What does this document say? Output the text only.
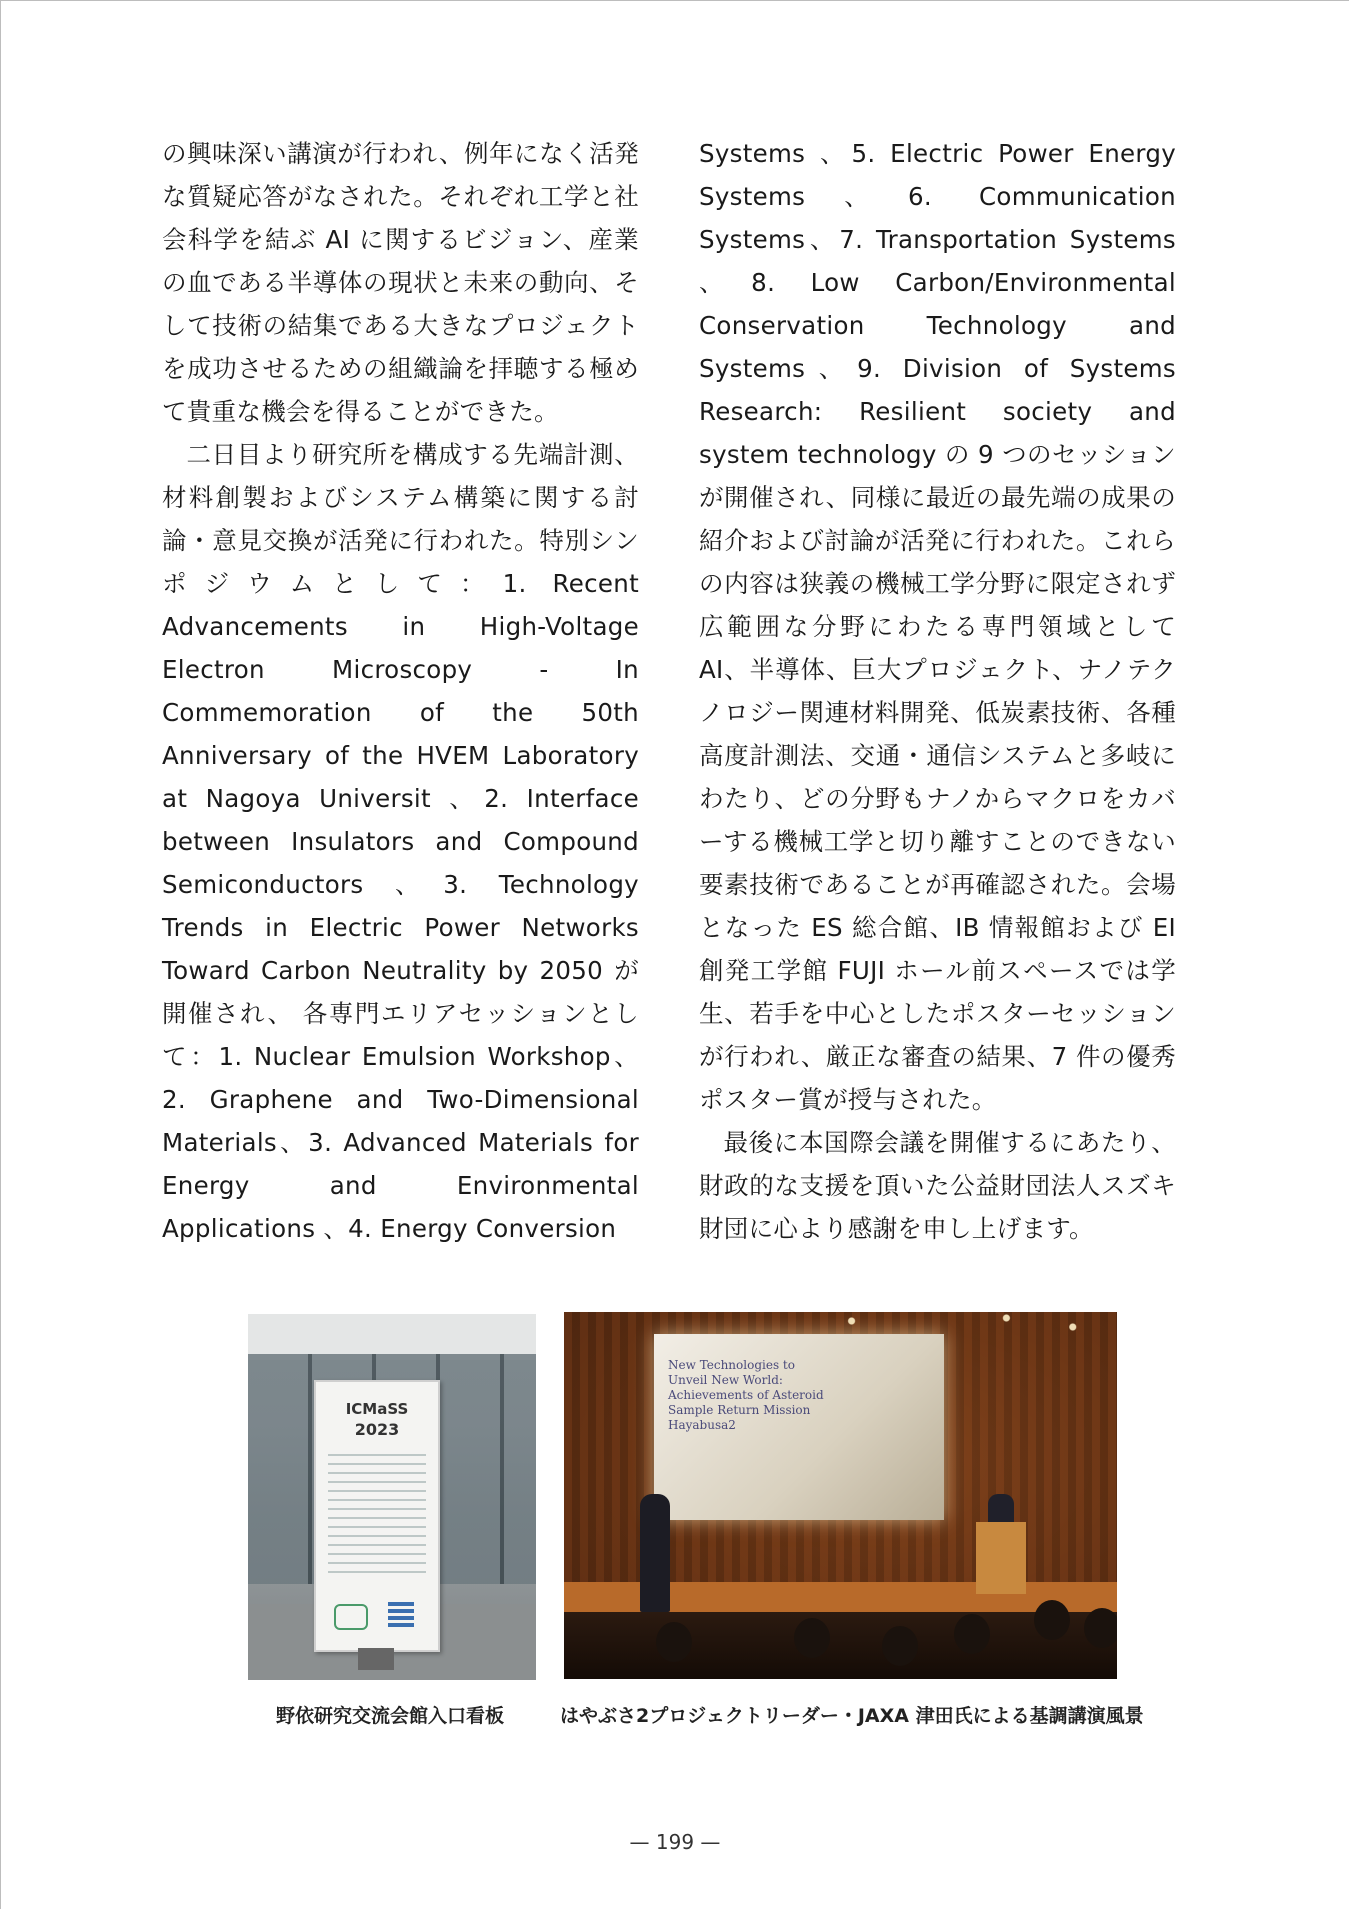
の興味深い講演が行われ、例年になく活発な質疑応答がなされた。それぞれ工学と社会科学を結ぶ AI に関するビジョン、産業の血である半導体の現状と未来の動向、そして技術の結集である大きなプロジェクトを成功させるための組織論を拝聴する極めて貴重な機会を得ることができた。

二日目より研究所を構成する先端計測、材料創製およびシステム構築に関する討論・意見交換が活発に行われた。特別シンポジウムとして：1. Recent Advancements in High-Voltage Electron Microscopy - In Commemoration of the 50th Anniversary of the HVEM Laboratory at Nagoya Universit 、2. Interface between Insulators and Compound Semiconductors 、3. Technology Trends in Electric Power Networks Toward Carbon Neutrality by 2050 が開催され、 各専門エリアセッションとして：1. Nuclear Emulsion Workshop、2. Graphene and Two-Dimensional Materials、3. Advanced Materials for Energy and Environmental Applications 、4. Energy Conversion

Systems 、5. Electric Power Energy Systems、6. Communication Systems、7. Transportation Systems 、8. Low Carbon/Environmental Conservation Technology and Systems、9. Division of Systems Research: Resilient society and system technology の 9 つのセッションが開催され、同様に最近の最先端の成果の紹介および討論が活発に行われた。これらの内容は狭義の機械工学分野に限定されず広範囲な分野にわたる専門領域として AI、半導体、巨大プロジェクト、ナノテクノロジー関連材料開発、低炭素技術、各種高度計測法、交通・通信システムと多岐にわたり、どの分野もナノからマクロをカバーする機械工学と切り離すことのできない要素技術であることが再確認された。会場となった ES 総合館、IB 情報館および EI 創発工学館 FUJI ホール前スペースでは学生、若手を中心としたポスターセッションが行われ、厳正な審査の結果、7 件の優秀ポスター賞が授与された。

最後に本国際会議を開催するにあたり、財政的な支援を頂いた公益財団法人スズキ財団に心より感謝を申し上げます。

ICMaSS
2023
New Technologies to Unveil New World: Achievements of Asteroid Sample Return Mission Hayabusa2
野依研究交流会館入口看板	はやぶさ2プロジェクトリーダー・JAXA 津田氏による基調講演風景
— 199 —
